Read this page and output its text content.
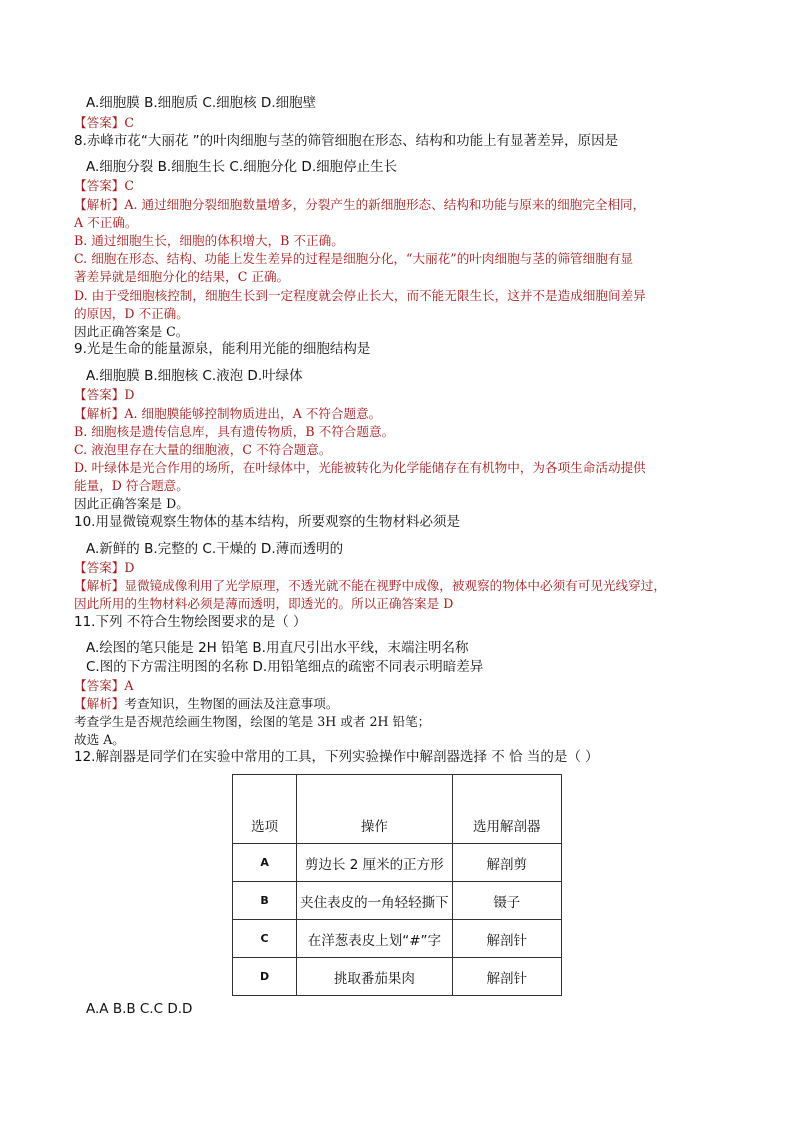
A.细胞膜 B.细胞质 C.细胞核 D.细胞壁
【答案】C
8.赤峰市花“大丽花 ”的叶肉细胞与茎的筛管细胞在形态、结构和功能上有显著差异，原因是
A.细胞分裂 B.细胞生长 C.细胞分化 D.细胞停止生长
【答案】C
【解析】A. 通过细胞分裂细胞数量增多，分裂产生的新细胞形态、结构和功能与原来的细胞完全相同，
A 不正确。
B. 通过细胞生长，细胞的体积增大，B 不正确。
C. 细胞在形态、结构、功能上发生差异的过程是细胞分化，“大丽花”的叶肉细胞与茎的筛管细胞有显
著差异就是细胞分化的结果，C 正确。
D. 由于受细胞核控制，细胞生长到一定程度就会停止长大，而不能无限生长，这并不是造成细胞间差异
的原因，D 不正确。
因此正确答案是 C。
9.光是生命的能量源泉，能利用光能的细胞结构是
A.细胞膜 B.细胞核 C.液泡 D.叶绿体
【答案】D
【解析】A. 细胞膜能够控制物质进出，A 不符合题意。
B. 细胞核是遗传信息库，具有遗传物质，B 不符合题意。
C. 液泡里存在大量的细胞液，C 不符合题意。
D. 叶绿体是光合作用的场所，在叶绿体中，光能被转化为化学能储存在有机物中，为各项生命活动提供
能量，D 符合题意。
因此正确答案是 D。
10.用显微镜观察生物体的基本结构，所要观察的生物材料必须是
A.新鲜的 B.完整的 C.干燥的 D.薄而透明的
【答案】D
【解析】显微镜成像利用了光学原理，不透光就不能在视野中成像，被观察的物体中必须有可见光线穿过，
因此所用的生物材料必须是薄而透明，即透光的。所以正确答案是 D
11.下列 不符合生物绘图要求的是（ ）
A.绘图的笔只能是 2H 铅笔 B.用直尺引出水平线，末端注明名称
C.图的下方需注明图的名称 D.用铅笔细点的疏密不同表示明暗差异
【答案】A
【解析】考查知识，生物图的画法及注意事项。
考查学生是否规范绘画生物图，绘图的笔是 3H 或者 2H 铅笔；
故选 A。
12.解剖器是同学们在实验中常用的工具，下列实验操作中解剖器选择 不 恰 当的是（ ）
选项	操作	选用解剖器
A	剪边长 2 厘米的正方形	解剖剪
B	夹住表皮的一角轻轻撕下	镊子
C	在洋葱表皮上划“#”字	解剖针
D	挑取番茄果肉	解剖针
A.A B.B C.C D.D
